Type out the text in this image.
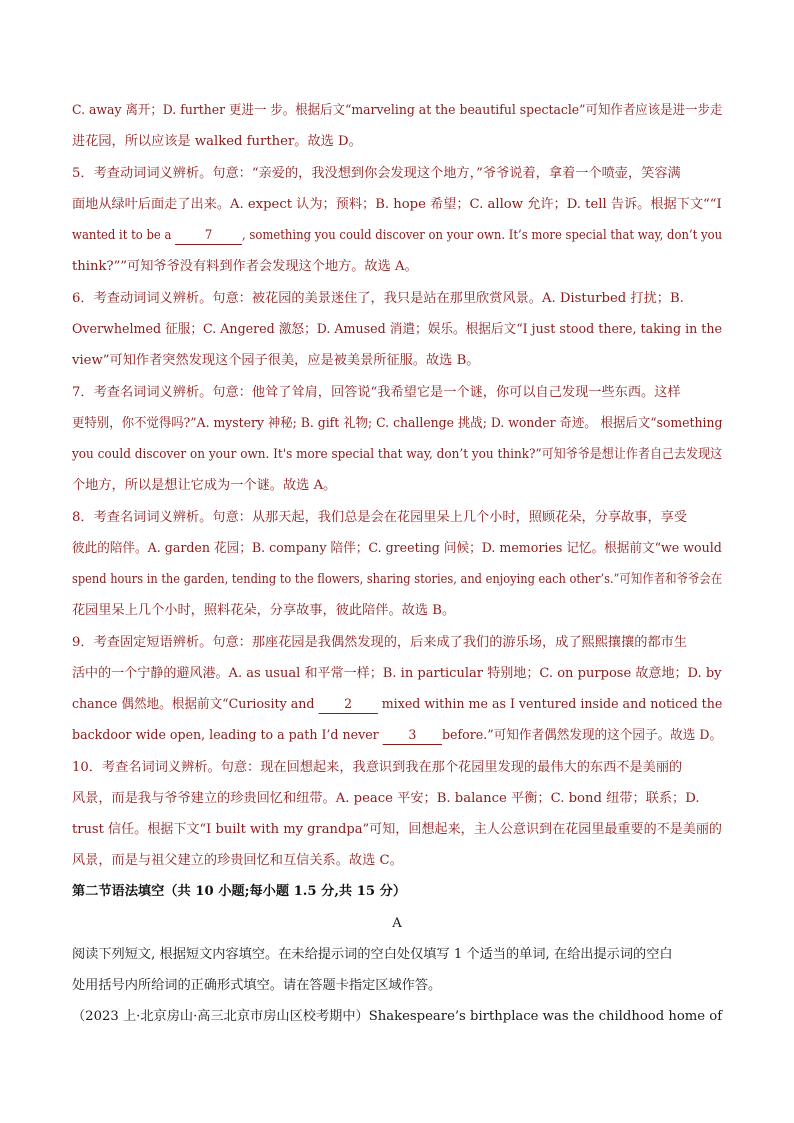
C. away 离开；D. further 更进一 步。根据后文“marveling at the beautiful spectacle”可知作者应该是进一步走
进花园，所以应该是 walked further。故选 D。
5．考查动词词义辨析。句意：“亲爱的，我没想到你会发现这个地方，”爷爷说着，拿着一个喷壶，笑容满
面地从绿叶后面走了出来。A. expect 认为；预料；B. hope 希望；C. allow 允许；D. tell 告诉。根据下文““I
wanted it to be a 7 , something you could discover on your own. It’s more special that way, don’t you
think?””可知爷爷没有料到作者会发现这个地方。故选 A。
6．考查动词词义辨析。句意：被花园的美景迷住了，我只是站在那里欣赏风景。A. Disturbed 打扰；B.
Overwhelmed 征服；C. Angered 激怒；D. Amused 消遣；娱乐。根据后文“I just stood there, taking in the
view”可知作者突然发现这个园子很美，应是被美景所征服。故选 B。
7．考查名词词义辨析。句意：他耸了耸肩，回答说“我希望它是一个谜，你可以自己发现一些东西。这样
更特别，你不觉得吗?”A. mystery 神秘; B. gift 礼物; C. challenge 挑战; D. wonder 奇迹。 根据后文“something
you could discover on your own. It's more special that way, don’t you think?”可知爷爷是想让作者自己去发现这
个地方，所以是想让它成为一个谜。故选 A。
8．考查名词词义辨析。句意：从那天起，我们总是会在花园里呆上几个小时，照顾花朵，分享故事，享受
彼此的陪伴。A. garden 花园；B. company 陪伴；C. greeting 问候；D. memories 记忆。根据前文“we would
spend hours in the garden, tending to the flowers, sharing stories, and enjoying each other’s.”可知作者和爷爷会在
花园里呆上几个小时，照料花朵，分享故事，彼此陪伴。故选 B。
9．考查固定短语辨析。句意：那座花园是我偶然发现的，后来成了我们的游乐场，成了熙熙攘攘的都市生
活中的一个宁静的避风港。A. as usual 和平常一样；B. in particular 特别地；C. on purpose 故意地；D. by
chance 偶然地。根据前文“Curiosity and 2 mixed within me as I ventured inside and noticed the
backdoor wide open, leading to a path I’d never 3 before.”可知作者偶然发现的这个园子。故选 D。
10．考查名词词义辨析。句意：现在回想起来，我意识到我在那个花园里发现的最伟大的东西不是美丽的
风景，而是我与爷爷建立的珍贵回忆和纽带。A. peace 平安；B. balance 平衡；C. bond 纽带；联系；D.
trust 信任。根据下文“I built with my grandpa”可知，回想起来，主人公意识到在花园里最重要的不是美丽的
风景，而是与祖父建立的珍贵回忆和互信关系。故选 C。
第二节语法填空（共 10 小题;每小题 1.5 分,共 15 分）
A
阅读下列短文, 根据短文内容填空。在未给提示词的空白处仅填写 1 个适当的单词, 在给出提示词的空白
处用括号内所给词的正确形式填空。请在答题卡指定区域作答。
（2023 上·北京房山·高三北京市房山区校考期中）Shakespeare’s birthplace was the childhood home of
